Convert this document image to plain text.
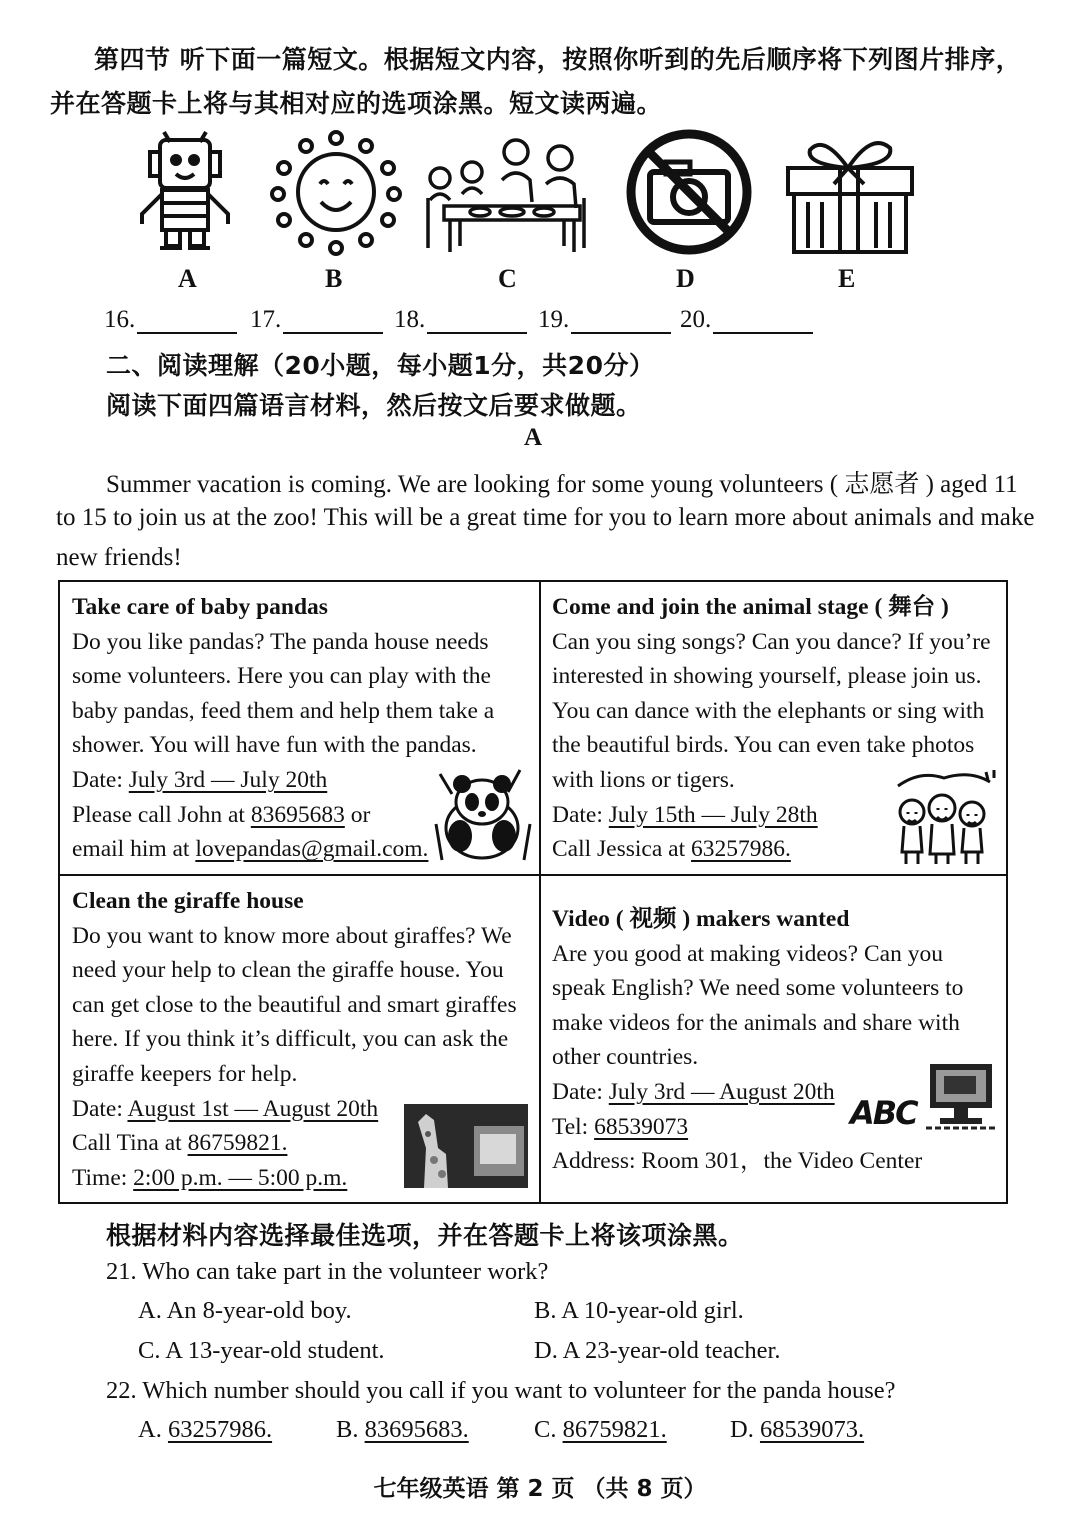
第四节 听下面一篇短文。根据短文内容，按照你听到的先后顺序将下列图片排序，
并在答题卡上将与其相对应的选项涂黑。短文读两遍。
A	B	C	D	E
16.	17.	18.	19.	20.
二、阅读理解（20小题，每小题1分，共20分）
阅读下面四篇语言材料，然后按文后要求做题。
A
Summer vacation is coming. We are looking for some young volunteers ( 志愿者 ) aged 11
to 15 to join us at the zoo! This will be a great time for you to learn more about animals and make
new friends!

Take care of baby pandas

Do you like pandas? The panda house needs

some volunteers. Here you can play with the

baby pandas, feed them and help them take a

shower. You will have fun with the pandas.

Date: July 3rd — July 20th

Please call John at 83695683 or

email him at lovepandas@gmail.com.

Come and join the animal stage ( 舞台 )

Can you sing songs? Can you dance? If you’re

interested in showing yourself, please join us.

You can dance with the elephants or sing with

the beautiful birds. You can even take photos

with lions or tigers.

Date: July 15th — July 28th

Call Jessica at 63257986.

Clean the giraffe house

Do you want to know more about giraffes? We

need your help to clean the giraffe house. You

can get close to the beautiful and smart giraffes

here. If you think it’s difficult, you can ask the

giraffe keepers for help.

Date: August 1st — August 20th

Call Tina at 86759821.

Time: 2:00 p.m. — 5:00 p.m.

Video ( 视频 ) makers wanted

Are you good at making videos? Can you

speak English? We need some volunteers to

make videos for the animals and share with

other countries.

Date: July 3rd — August 20th

Tel: 68539073

Address: Room 301，the Video Center

ABC
根据材料内容选择最佳选项，并在答题卡上将该项涂黑。
21. Who can take part in the volunteer work?
A. An 8-year-old boy.	B. A 10-year-old girl.
C. A 13-year-old student.	D. A 23-year-old teacher.
22. Which number should you call if you want to volunteer for the panda house?
A. 63257986.	B. 83695683.	C. 86759821.	D. 68539073.
七年级英语 第 2 页 （共 8 页）
